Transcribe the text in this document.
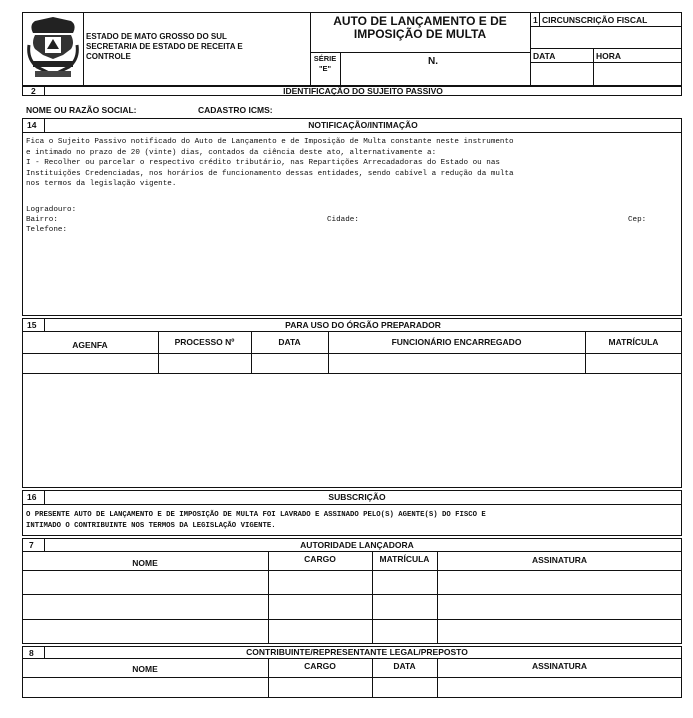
ESTADO DE MATO GROSSO DO SUL
SECRETARIA DE ESTADO DE RECEITA E
CONTROLE
AUTO DE LANÇAMENTO E DE
IMPOSIÇÃO DE MULTA
SÉRIE
"E"
N.
1 CIRCUNSCRIÇÃO FISCAL
DATA	HORA
2	IDENTIFICAÇÃO DO SUJEITO PASSIVO
NOME OU RAZÃO SOCIAL:	CADASTRO ICMS:
14	NOTIFICAÇÃO/INTIMAÇÃO
Fica o Sujeito Passivo notificado do Auto de Lançamento e de Imposição de Multa constante neste instrumento
e intimado no prazo de 20 (vinte) dias, contados da ciência deste ato, alternativamente a:
I - Recolher ou parcelar o respectivo crédito tributário, nas Repartições Arrecadadoras do Estado ou nas
Instituições Credenciadas, nos horários de funcionamento dessas entidades, sendo cabível a redução da multa
nos termos da legislação vigente.
Logradouro:
Bairro:	Cidade:	Cep:
Telefone:
15	PARA USO DO ÓRGÃO PREPARADOR
AGENFA	PROCESSO Nº	DATA	FUNCIONÁRIO ENCARREGADO	MATRÍCULA
16	SUBSCRIÇÃO
O PRESENTE AUTO DE LANÇAMENTO E DE IMPOSIÇÃO DE MULTA FOI LAVRADO E ASSINADO PELO(S) AGENTE(S) DO FISCO E
INTIMADO O CONTRIBUINTE NOS TERMOS DA LEGISLAÇÃO VIGENTE.
7	AUTORIDADE LANÇADORA
NOME	CARGO	MATRÍCULA	ASSINATURA
8	CONTRIBUINTE/REPRESENTANTE LEGAL/PREPOSTO
NOME	CARGO	DATA	ASSINATURA
